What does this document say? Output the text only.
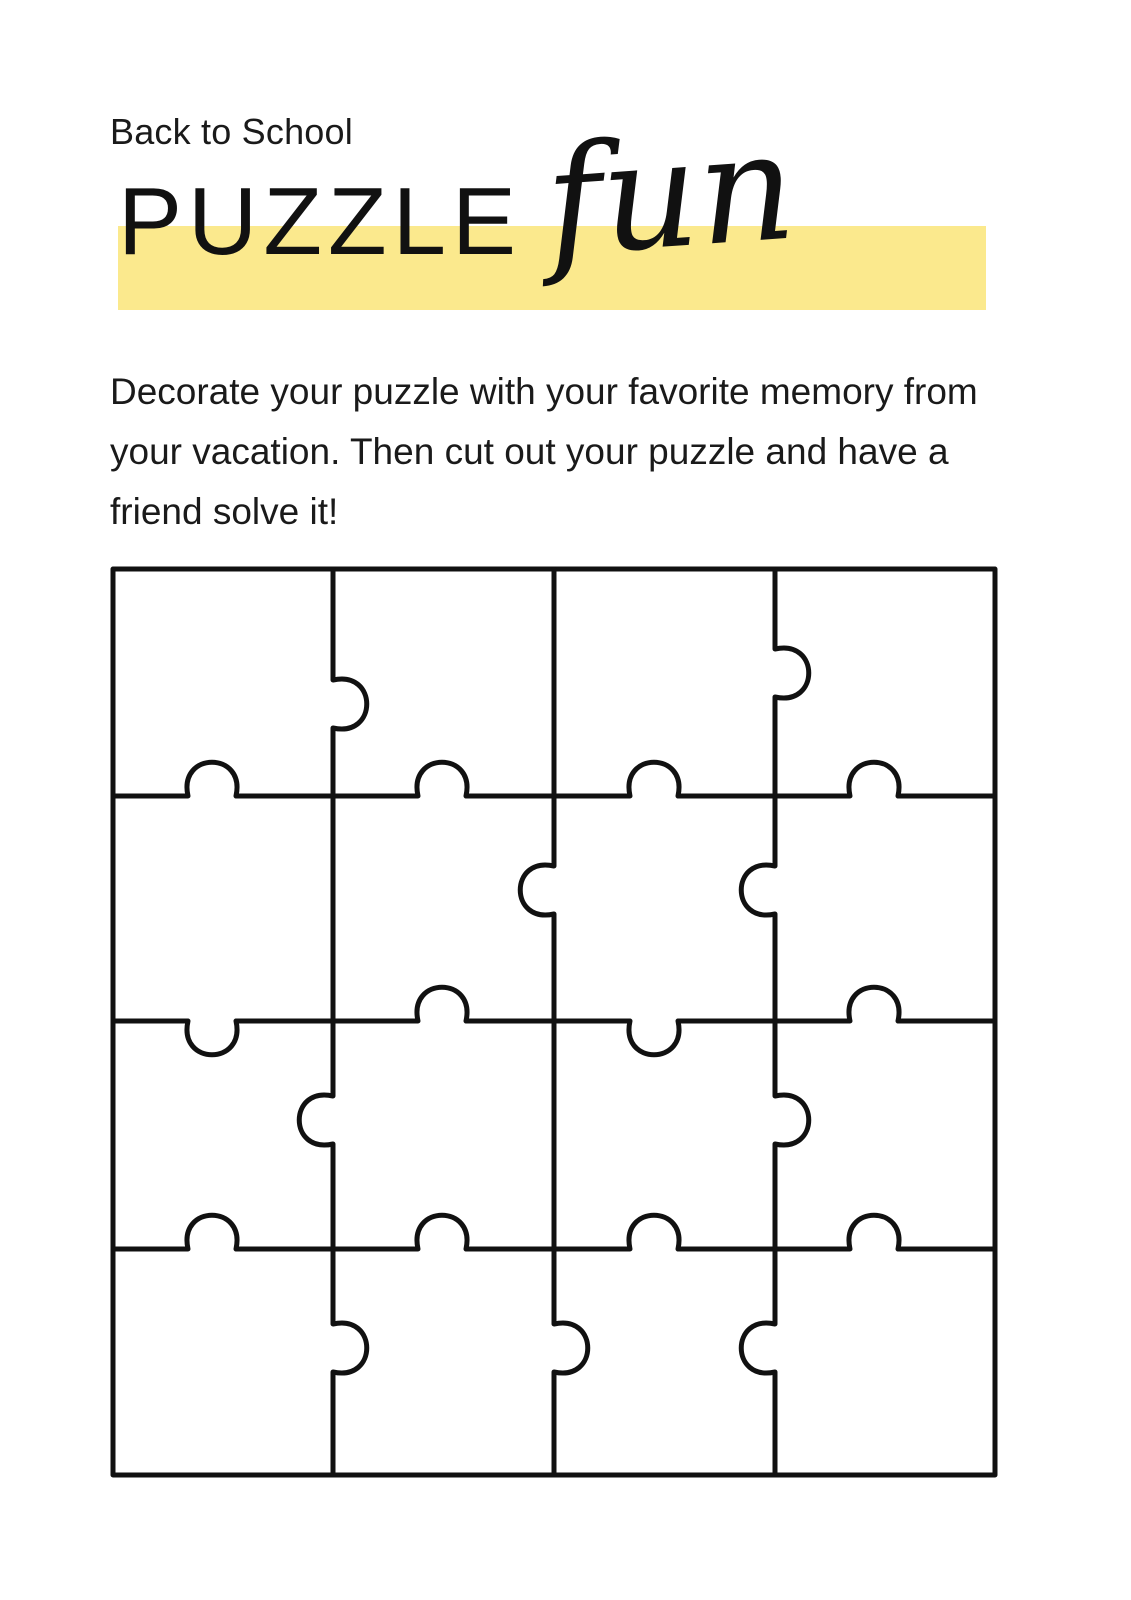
Back to School
PUZZLE fun
Decorate your puzzle with your favorite memory from your vacation. Then cut out your puzzle and have a friend solve it!
